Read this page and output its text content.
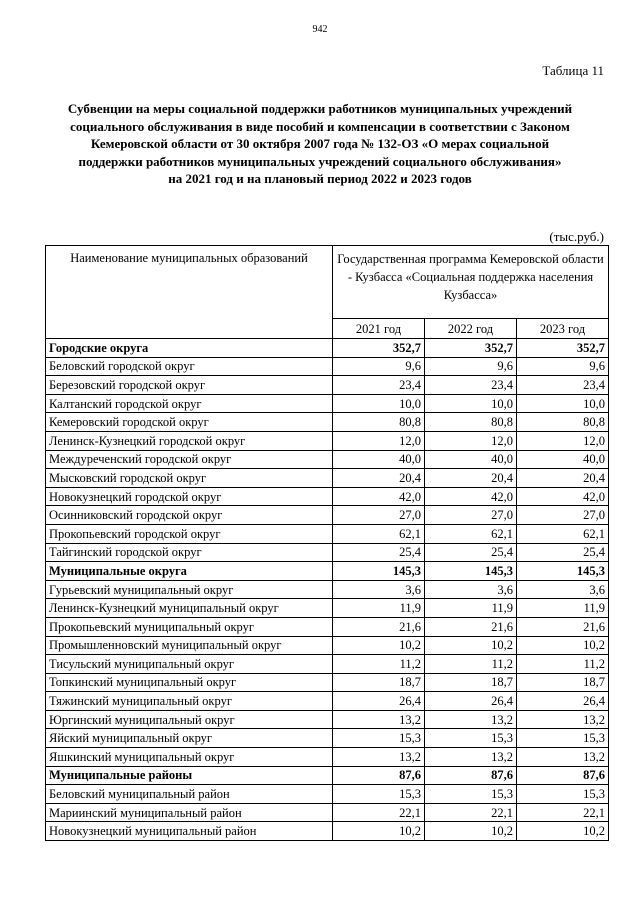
942
Таблица 11
Субвенции на меры социальной поддержки работников муниципальных учреждений
социального обслуживания в виде пособий и компенсации в соответствии с Законом
Кемеровской области от 30 октября 2007 года № 132-ОЗ «О мерах социальной
поддержки работников муниципальных учреждений социального обслуживания»
на 2021 год и на плановый период 2022 и 2023 годов
(тыс.руб.)
Наименование муниципальных образований	Государственная программа Кемеровской области - Кузбасса «Социальная поддержка населения Кузбасса»		
	2021 год	2022 год	2023 год
Городские округа	352,7	352,7	352,7
Беловский городской округ	9,6	9,6	9,6
Березовский городской округ	23,4	23,4	23,4
Калтанский городской округ	10,0	10,0	10,0
Кемеровский городской округ	80,8	80,8	80,8
Ленинск-Кузнецкий городской округ	12,0	12,0	12,0
Междуреченский городской округ	40,0	40,0	40,0
Мысковский городской округ	20,4	20,4	20,4
Новокузнецкий городской округ	42,0	42,0	42,0
Осинниковский городской округ	27,0	27,0	27,0
Прокопьевский городской округ	62,1	62,1	62,1
Тайгинский городской округ	25,4	25,4	25,4
Муниципальные округа	145,3	145,3	145,3
Гурьевский муниципальный округ	3,6	3,6	3,6
Ленинск-Кузнецкий муниципальный округ	11,9	11,9	11,9
Прокопьевский муниципальный округ	21,6	21,6	21,6
Промышленновский муниципальный округ	10,2	10,2	10,2
Тисульский муниципальный округ	11,2	11,2	11,2
Топкинский муниципальный округ	18,7	18,7	18,7
Тяжинский муниципальный округ	26,4	26,4	26,4
Юргинский муниципальный округ	13,2	13,2	13,2
Яйский муниципальный округ	15,3	15,3	15,3
Яшкинский муниципальный округ	13,2	13,2	13,2
Муниципальные районы	87,6	87,6	87,6
Беловский муниципальный район	15,3	15,3	15,3
Мариинский муниципальный район	22,1	22,1	22,1
Новокузнецкий муниципальный район	10,2	10,2	10,2
